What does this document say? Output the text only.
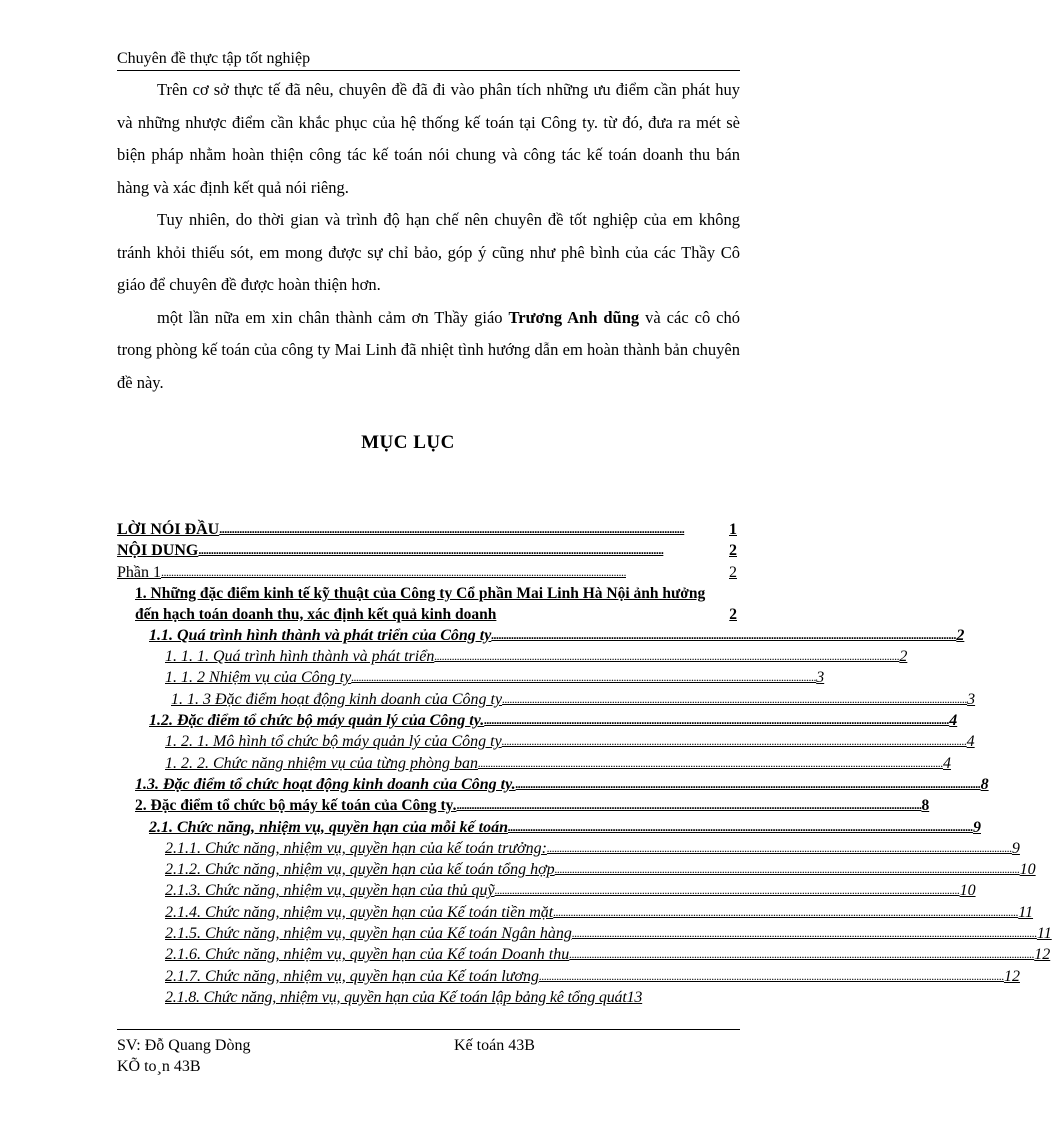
Chuyên đề thực tập tốt nghiệp

Trên cơ sở thực tế đã nêu, chuyên đề đã đi vào phân tích những ưu điểm cần phát huy và những nhược điểm cần khắc phục của hệ thống kế toán tại Công ty. từ đó, đưa ra mét sè biện pháp nhằm hoàn thiện công tác kế toán nói chung và công tác kế toán doanh thu bán hàng và xác định kết quả nói riêng.

Tuy nhiên, do thời gian và trình độ hạn chế nên chuyên đề tốt nghiệp của em không tránh khỏi thiếu sót, em mong được sự chỉ bảo, góp ý cũng như phê bình của các Thầy Cô giáo để chuyên đề được hoàn thiện hơn.

một lần nữa em xin chân thành cảm ơn Thầy giáo Trương Anh dũng và các cô chó trong phòng kế toán của công ty Mai Linh đã nhiệt tình hướng dẫn em hoàn thành bản chuyên đề này.

MỤC LỤC
LỜI NÓI ĐẦU ..........................................................................................................................................................................................	1
NỘI DUNG ..........................................................................................................................................................................................	2
Phần 1 ..........................................................................................................................................................................................	2
1. Những đặc điểm kinh tế kỹ thuật của Công ty Cổ phần Mai Linh Hà Nội ảnh hưởng đến hạch toán doanh thu, xác định kết quả kinh doanh	2
1.1. Quá trình hình thành và phát triển của Công ty .......................................................................................................................................................................................... 2
1. 1. 1. Quá trình hình thành và phát triển .......................................................................................................................................................................................... 2
1. 1. 2 Nhiệm vụ của Công ty .......................................................................................................................................................................................... 3
1. 1. 3 Đặc điểm hoạt động kinh doanh của Công ty .......................................................................................................................................................................................... 3
1.2. Đặc điểm tổ chức bộ máy quản lý của Công ty. .......................................................................................................................................................................................... 4
1. 2. 1. Mô hình tổ chức bộ máy quản lý của Công ty .......................................................................................................................................................................................... 4
1. 2. 2. Chức năng nhiệm vụ của từng phòng ban .......................................................................................................................................................................................... 4
1.3. Đặc điểm tổ chức hoạt động kinh doanh của Công ty. .......................................................................................................................................................................................... 8
2. Đặc điểm tổ chức bộ máy kế toán của Công ty. .......................................................................................................................................................................................... 8
2.1. Chức năng, nhiệm vụ, quyền hạn của mỗi kế toán .......................................................................................................................................................................................... 9
2.1.1. Chức năng, nhiệm vụ, quyền hạn của kế toán trưởng: .......................................................................................................................................................................................... 9
2.1.2. Chức năng, nhiệm vụ, quyền hạn của kế toán tổng hợp .......................................................................................................................................................................................... 10
2.1.3. Chức năng, nhiệm vụ, quyền hạn của thủ quỹ .......................................................................................................................................................................................... 10
2.1.4. Chức năng, nhiệm vụ, quyền hạn của Kế toán tiền mặt .......................................................................................................................................................................................... 11
2.1.5. Chức năng, nhiệm vụ, quyền hạn của Kế toán Ngân hàng .......................................................................................................................................................................................... 11
2.1.6. Chức năng, nhiệm vụ, quyền hạn của Kế toán Doanh thu .......................................................................................................................................................................................... 12
2.1.7. Chức năng, nhiệm vụ, quyền hạn của Kế toán lương .......................................................................................................................................................................................... 12
2.1.8. Chức năng, nhiệm vụ, quyền hạn của Kế toán lập bảng kê tổng quát 13
SV: Đỗ Quang Dòng	Kế toán 43B
KÕ to¸n 43B
